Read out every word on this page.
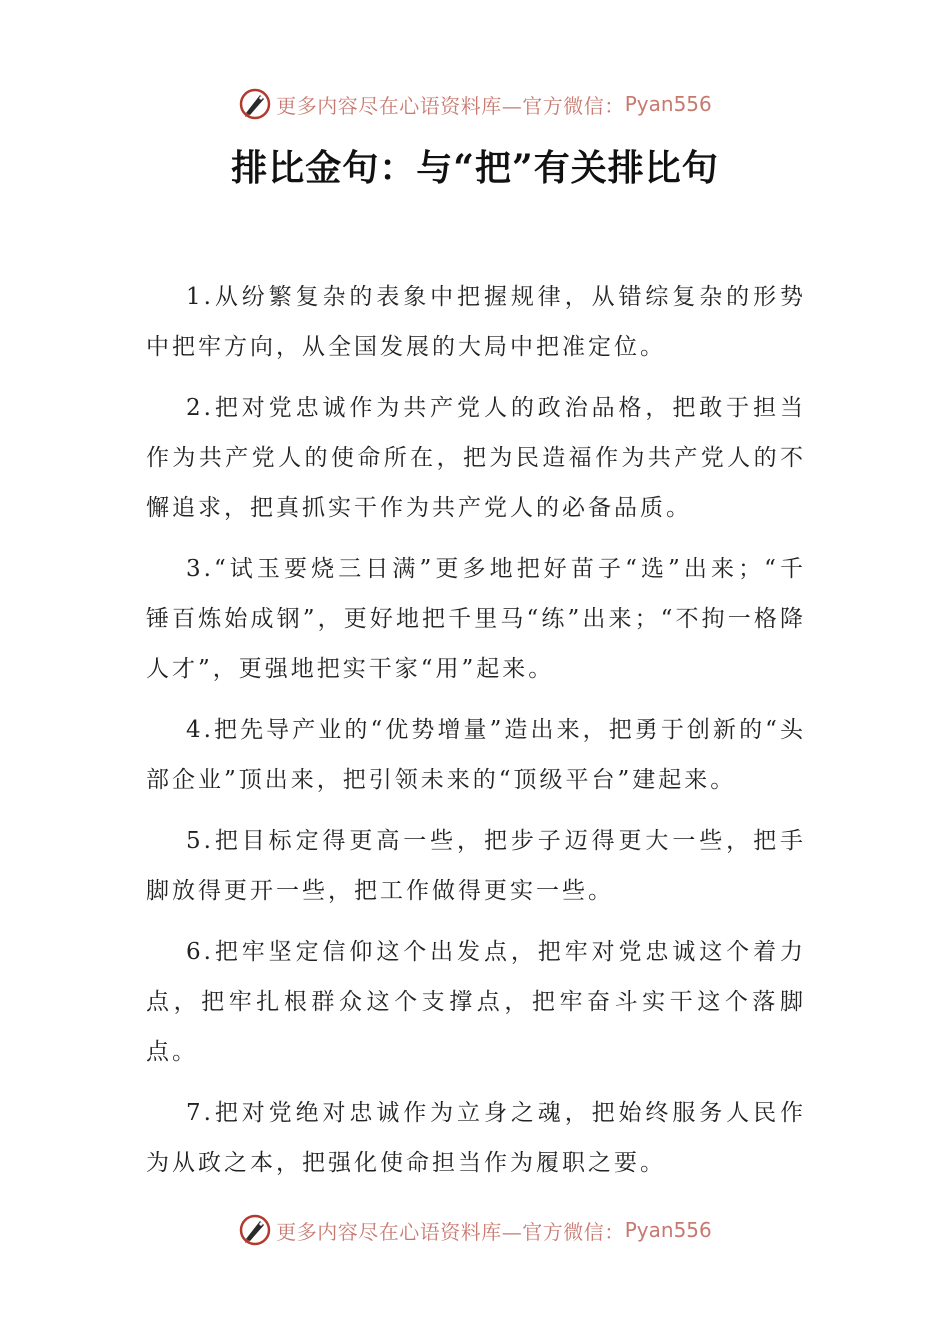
更多内容尽在心语资料库—官方微信： Pyan556
排比金句：与“把”有关排比句

1.从纷繁复杂的表象中把握规律，从错综复杂的形势中把牢方向，从全国发展的大局中把准定位。

2.把对党忠诚作为共产党人的政治品格，把敢于担当作为共产党人的使命所在，把为民造福作为共产党人的不懈追求，把真抓实干作为共产党人的必备品质。

3.“试玉要烧三日满”更多地把好苗子“选”出来；“千锤百炼始成钢”，更好地把千里马“练”出来；“不拘一格降人才”，更强地把实干家“用”起来。

4.把先导产业的“优势增量”造出来，把勇于创新的“头部企业”顶出来，把引领未来的“顶级平台”建起来。

5.把目标定得更高一些，把步子迈得更大一些，把手脚放得更开一些，把工作做得更实一些。

6.把牢坚定信仰这个出发点，把牢对党忠诚这个着力点，把牢扎根群众这个支撑点，把牢奋斗实干这个落脚点。

7.把对党绝对忠诚作为立身之魂，把始终服务人民作为从政之本，把强化使命担当作为履职之要。

更多内容尽在心语资料库—官方微信： Pyan556
